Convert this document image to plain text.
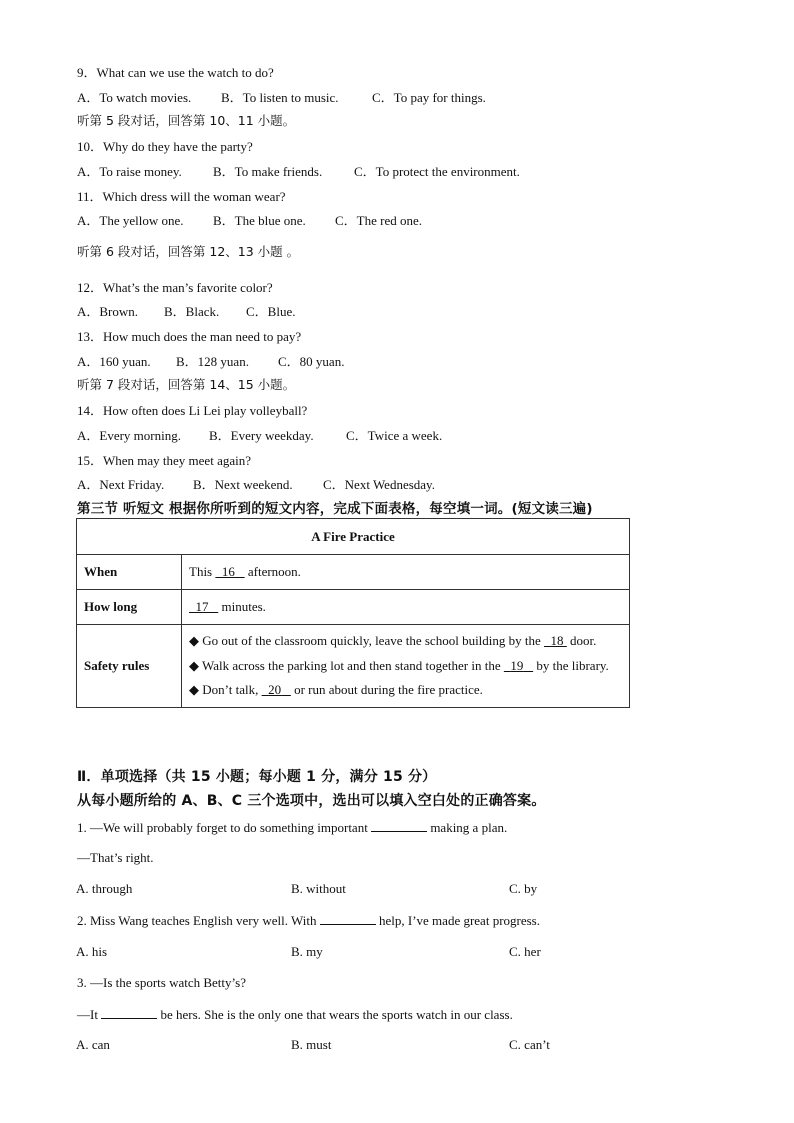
9．What can we use the watch to do?
A．To watch movies. B．To listen to music.	C．To pay for things.
听第 5 段对话，回答第 10、11 小题。
10．Why do they have the party?
A．To raise money. B．To make friends. C．To protect the environment.
11．Which dress will the woman wear?
A．The yellow one. B．The blue one. C．The red one.
听第 6 段对话，回答第 12、13 小题 。
12．What’s the man’s favorite color?
A．Brown. B．Black. C．Blue.
13．How much does the man need to pay?
A．160 yuan. B．128 yuan. C．80 yuan.
听第 7 段对话，回答第 14、15 小题。
14．How often does Li Lei play volleyball?
A．Every morning. B．Every weekday. C．Twice a week.
15．When may they meet again?
A．Next Friday. B．Next weekend. C．Next Wednesday.
第三节 听短文 根据你所听到的短文内容，完成下面表格，每空填一词。(短文读三遍)
A Fire Practice	
When	This   16    afternoon.
How long	17    minutes.
Safety rules	◆ Go out of the classroom quickly, leave the school building by the   18  door.
◆ Walk across the parking lot and then stand together in the   19    by the library.
◆ Don’t talk,   20    or run about during the fire practice.
Ⅱ．单项选择（共 15 小题；每小题 1 分，满分 15 分）
从每小题所给的 A、B、C 三个选项中，选出可以填入空白处的正确答案。
1. —We will probably forget to do something important	making a plan.
—That’s right.
A. through	B. without	C. by
2. Miss Wang teaches English very well. With	help, I’ve made great progress.
A. his	B. my	C. her
3. —Is the sports watch Betty’s?
—It	be hers. She is the only one that wears the sports watch in our class.
A. can	B. must	C. can’t
